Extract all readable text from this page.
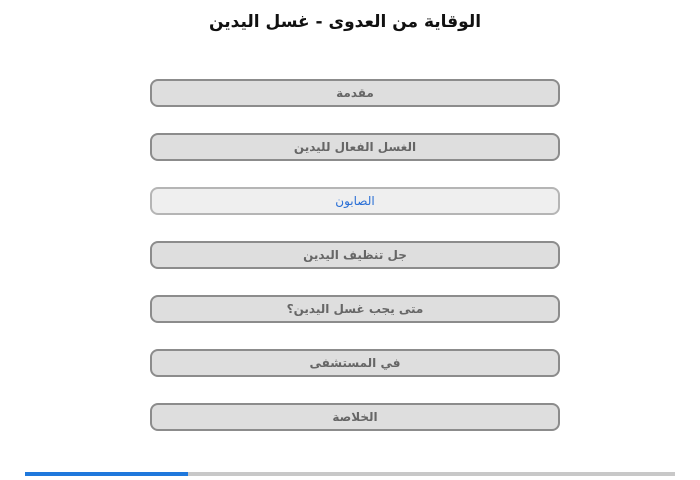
الوقاية من العدوى - غسل اليدين
مقدمة
الغسل الفعال لليدين
الصابون
جل تنظيف اليدين
متى يجب غسل اليدين؟
في المستشفى
الخلاصة
